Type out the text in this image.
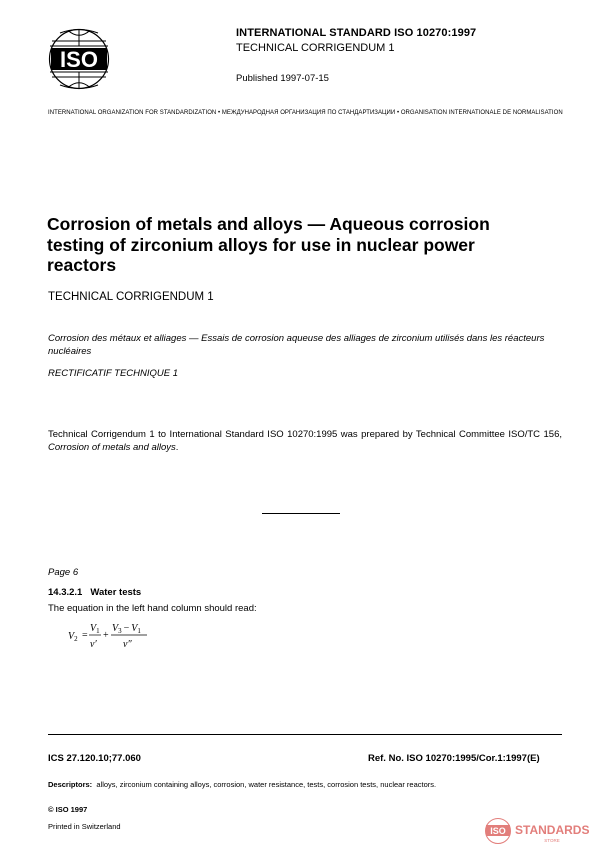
ISO
INTERNATIONAL STANDARD ISO 10270:1997
TECHNICAL CORRIGENDUM 1
Published 1997-07-15
INTERNATIONAL ORGANIZATION FOR STANDARDIZATION • МЕЖДУНАРОДНАЯ ОРГАНИЗАЦИЯ ПО СТАНДАРТИЗАЦИИ • ORGANISATION INTERNATIONALE DE NORMALISATION
Corrosion of metals and alloys — Aqueous corrosion testing of zirconium alloys for use in nuclear power reactors
TECHNICAL CORRIGENDUM 1
Corrosion des métaux et alliages — Essais de corrosion aqueuse des alliages de zirconium utilisés dans les réacteurs nucléaires
RECTIFICATIF TECHNIQUE 1
Technical Corrigendum 1 to International Standard ISO 10270:1995 was prepared by Technical Committee ISO/TC 156, Corrosion of metals and alloys.
Page 6
14.3.2.1 Water tests
The equation in the left hand column should read:
$V_2$ =
$V_1$
v′
+
$V_3 - V_1$
v″
ICS 27.120.10;77.060	Ref. No. ISO 10270:1995/Cor.1:1997(E)
Descriptors: alloys, zirconium containing alloys, corrosion, water resistance, tests, corrosion tests, nuclear reactors.
© ISO 1997
Printed in Switzerland	ISO STANDARDS
STORE
